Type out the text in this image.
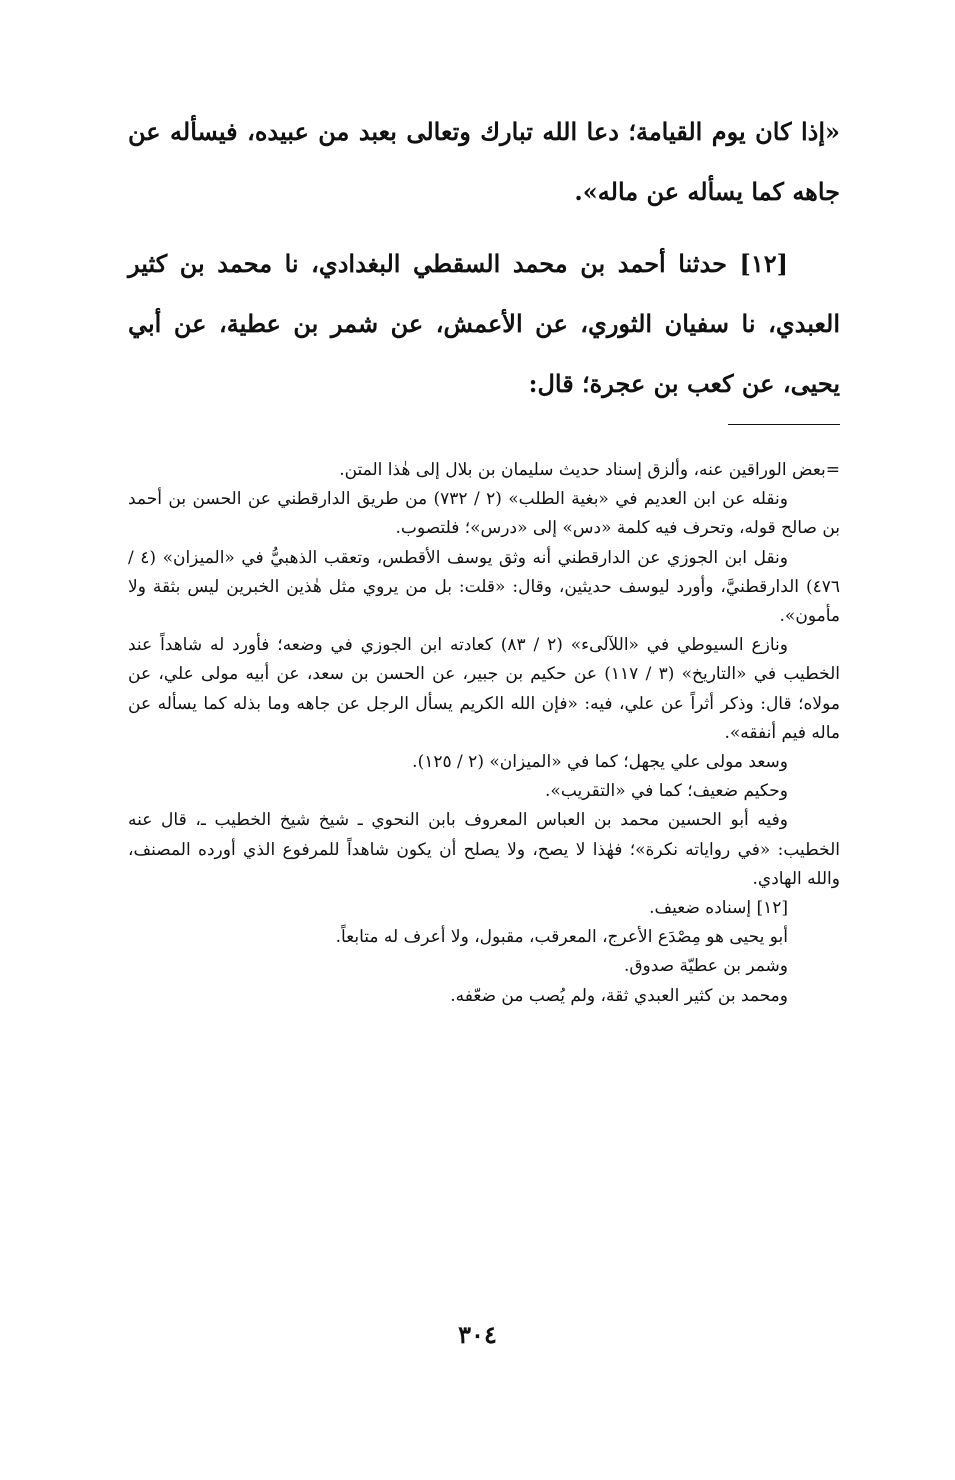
«إذا كان يوم القيامة؛ دعا الله تبارك وتعالى بعبد من عبيده، فيسأله عن جاهه كما يسأله عن ماله».

[١٢] حدثنا أحمد بن محمد السقطي البغدادي، نا محمد بن كثير العبدي، نا سفيان الثوري، عن الأعمش، عن شمر بن عطية، عن أبي يحيى، عن كعب بن عجرة؛ قال:

=بعض الوراقين عنه، وألزق إسناد حديث سليمان بن بلال إلى هٰذا المتن.

ونقله عن ابن العديم في «بغية الطلب» (٢ / ٧٣٢) من طريق الدارقطني عن الحسن بن أحمد بن صالح قوله، وتحرف فيه كلمة «دس» إلى «درس»؛ فلتصوب.

ونقل ابن الجوزي عن الدارقطني أنه وثق يوسف الأقطس، وتعقب الذهبيُّ في «الميزان» (٤ / ٤٧٦) الدارقطنيَّ، وأورد ليوسف حديثين، وقال: «قلت: بل من يروي مثل هٰذين الخبرين ليس بثقة ولا مأمون».

ونازع السيوطي في «اللآلىء» (٢ / ٨٣) كعادته ابن الجوزي في وضعه؛ فأورد له شاهداً عند الخطيب في «التاريخ» (٣ / ١١٧) عن حكيم بن جبير، عن الحسن بن سعد، عن أبيه مولى علي، عن مولاه؛ قال: وذكر أثراً عن علي، فيه: «فإن الله الكريم يسأل الرجل عن جاهه وما بذله كما يسأله عن ماله فيم أنفقه».

وسعد مولى علي يجهل؛ كما في «الميزان» (٢ / ١٢٥).

وحكيم ضعيف؛ كما في «التقريب».

وفيه أبو الحسين محمد بن العباس المعروف بابن النحوي ـ شيخ شيخ الخطيب ـ، قال عنه الخطيب: «في رواياته نكرة»؛ فهٰذا لا يصح، ولا يصلح أن يكون شاهداً للمرفوع الذي أورده المصنف، والله الهادي.

[١٢] إسناده ضعيف.

أبو يحيى هو مِصْدَع الأعرج، المعرقب، مقبول، ولا أعرف له متابعاً.

وشمر بن عطيّة صدوق.

ومحمد بن كثير العبدي ثقة، ولم يُصب من ضعّفه.

٣٠٤
